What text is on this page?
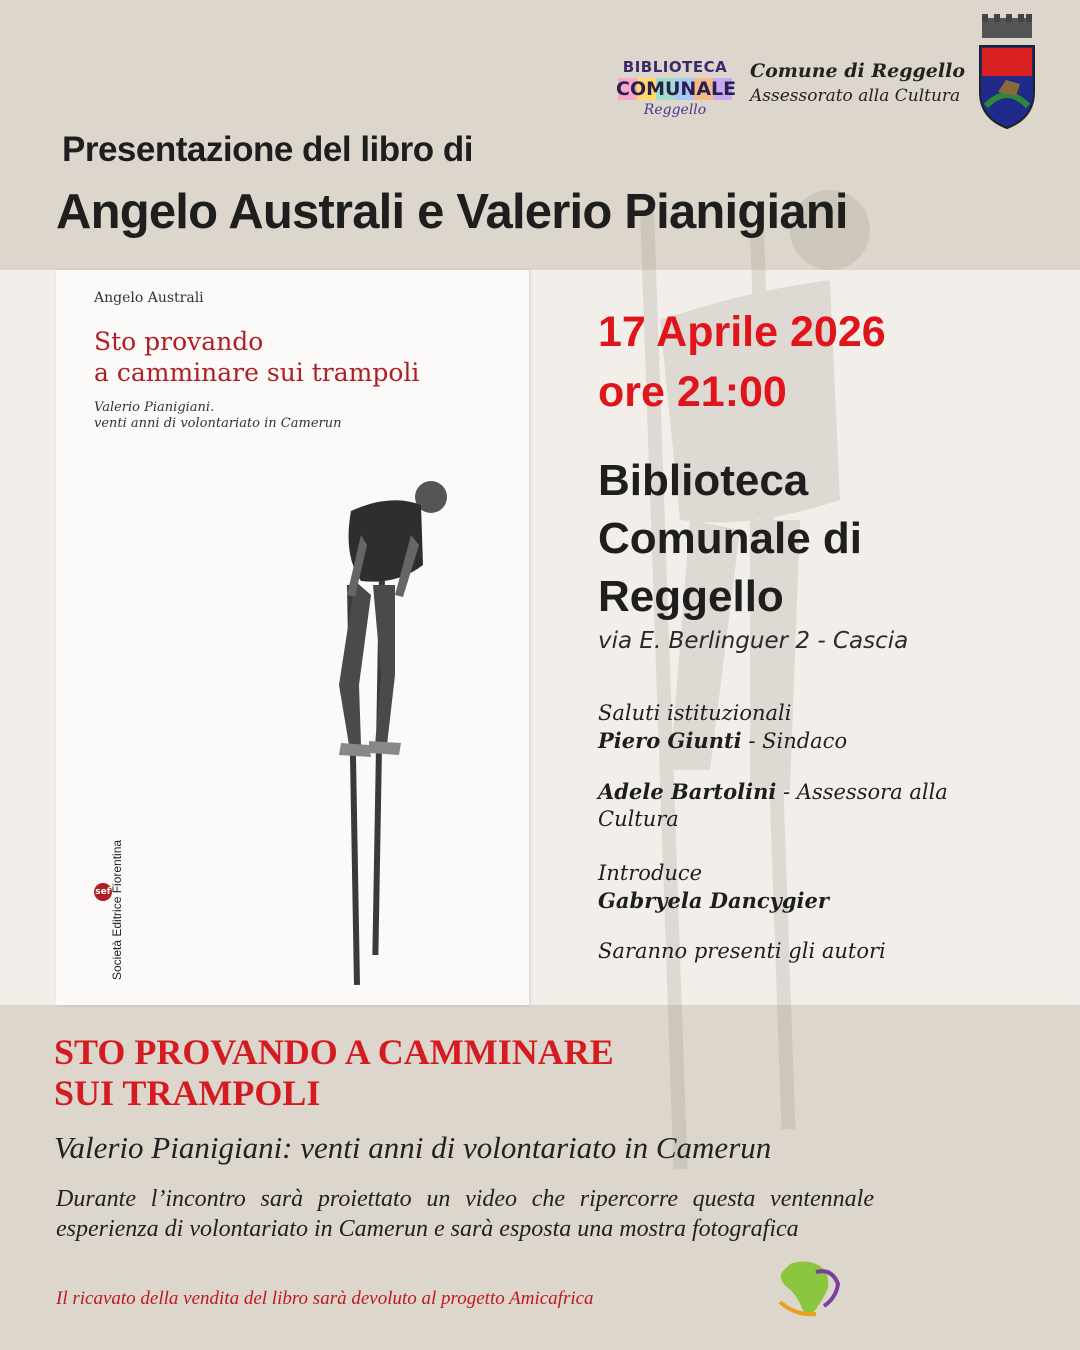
BIBLIOTECA
COMUNALE
Reggello
Comune di Reggello
Assessorato alla Cultura
Presentazione del libro di
Angelo Australi e Valerio Pianigiani
Angelo Australi
Sto provando
a camminare sui trampoli
Valerio Pianigiani.
venti anni di volontariato in Camerun
sef Società Editrice Fiorentina
17 Aprile 2026
ore 21:00
Biblioteca
Comunale di
Reggello
via E. Berlinguer 2 - Cascia
Saluti istituzionali
Piero Giunti - Sindaco
Adele Bartolini - Assessora alla Cultura
Introduce
Gabryela Dancygier
Saranno presenti gli autori
STO PROVANDO A CAMMINARE
SUI TRAMPOLI
Valerio Pianigiani: venti anni di volontariato in Camerun
Durante l’incontro sarà proiettato un video che ripercorre questa ventennale esperienza di volontariato in Camerun e sarà esposta una mostra fotografica
Il ricavato della vendita del libro sarà devoluto al progetto Amicafrica
